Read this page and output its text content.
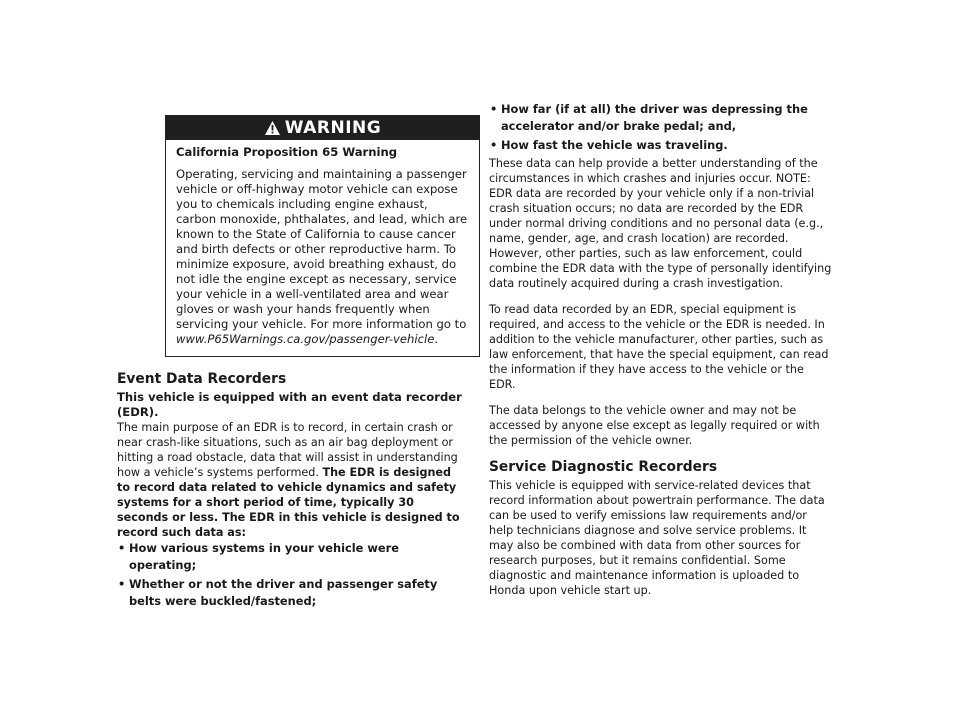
WARNING
California Proposition 65 Warning
Operating, servicing and maintaining a passenger vehicle or off-highway motor vehicle can expose you to chemicals including engine exhaust, carbon monoxide, phthalates, and lead, which are known to the State of California to cause cancer and birth defects or other reproductive harm. To minimize exposure, avoid breathing exhaust, do not idle the engine except as necessary, service your vehicle in a well-ventilated area and wear gloves or wash your hands frequently when servicing your vehicle. For more information go to
www.P65Warnings.ca.gov/passenger-vehicle.
Event Data Recorders

This vehicle is equipped with an event data recorder (EDR).

The main purpose of an EDR is to record, in certain crash or near crash-like situations, such as an air bag deployment or hitting a road obstacle, data that will assist in understanding how a vehicle’s systems performed. The EDR is designed to record data related to vehicle dynamics and safety systems for a short period of time, typically 30 seconds or less. The EDR in this vehicle is designed to record such data as:

• How various systems in your vehicle were operating;
• Whether or not the driver and passenger safety belts were buckled/fastened;
• How far (if at all) the driver was depressing the accelerator and/or brake pedal; and,
• How fast the vehicle was traveling.

These data can help provide a better understanding of the circumstances in which crashes and injuries occur. NOTE: EDR data are recorded by your vehicle only if a non-trivial crash situation occurs; no data are recorded by the EDR under normal driving conditions and no personal data (e.g., name, gender, age, and crash location) are recorded. However, other parties, such as law enforcement, could combine the EDR data with the type of personally identifying data routinely acquired during a crash investigation.

To read data recorded by an EDR, special equipment is required, and access to the vehicle or the EDR is needed. In addition to the vehicle manufacturer, other parties, such as law enforcement, that have the special equipment, can read the information if they have access to the vehicle or the EDR.

The data belongs to the vehicle owner and may not be accessed by anyone else except as legally required or with the permission of the vehicle owner.

Service Diagnostic Recorders

This vehicle is equipped with service-related devices that record information about powertrain performance. The data can be used to verify emissions law requirements and/or help technicians diagnose and solve service problems. It may also be combined with data from other sources for research purposes, but it remains confidential. Some diagnostic and maintenance information is uploaded to Honda upon vehicle start up.
